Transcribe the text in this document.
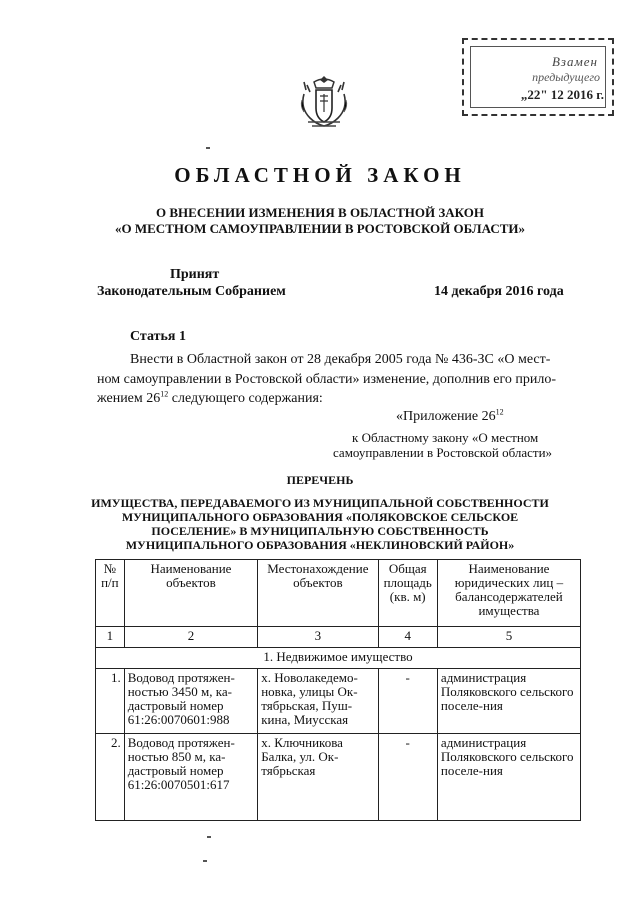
Взамен
предыдущего
„22" 12 2016 г.
ОБЛАСТНОЙ ЗАКОН
О ВНЕСЕНИИ ИЗМЕНЕНИЯ В ОБЛАСТНОЙ ЗАКОН
«О МЕСТНОМ САМОУПРАВЛЕНИИ В РОСТОВСКОЙ ОБЛАСТИ»
Принят
Законодательным Собранием	14 декабря 2016 года
Статья 1
Внести в Областной закон от 28 декабря 2005 года № 436-ЗС «О мест-
ном самоуправлении в Ростовской области» изменение, дополнив его прило-
жением $26^{12}$ следующего содержания:
«Приложение $26^{12}$
к Областному закону «О местном
самоуправлении в Ростовской области»
ПЕРЕЧЕНЬ
ИМУЩЕСТВА, ПЕРЕДАВАЕМОГО ИЗ МУНИЦИПАЛЬНОЙ СОБСТВЕННОСТИ
МУНИЦИПАЛЬНОГО ОБРАЗОВАНИЯ «ПОЛЯКОВСКОЕ СЕЛЬСКОЕ
ПОСЕЛЕНИЕ» В МУНИЦИПАЛЬНУЮ СОБСТВЕННОСТЬ
МУНИЦИПАЛЬНОГО ОБРАЗОВАНИЯ «НЕКЛИНОВСКИЙ РАЙОН»
№ п/п	Наименование объектов	Местонахождение объектов	Общая площадь (кв. м)	Наименование юридических лиц – балансодержателей имущества
1	2	3	4	5
1. Недвижимое имущество				
1.	Водовод протяжен-ностью 3450 м, ка-дастровый номер 61:26:0070601:988	х. Новолакедемо-новка, улицы Ок-тябрьская, Пуш-кина, Миусская	-	администрация Поляковского сельского поселе-ния
2.	Водовод протяжен-ностью 850 м, ка-дастровый номер 61:26:0070501:617	х. Ключникова Балка, ул. Ок-тябрьская	-	администрация Поляковского сельского поселе-ния
